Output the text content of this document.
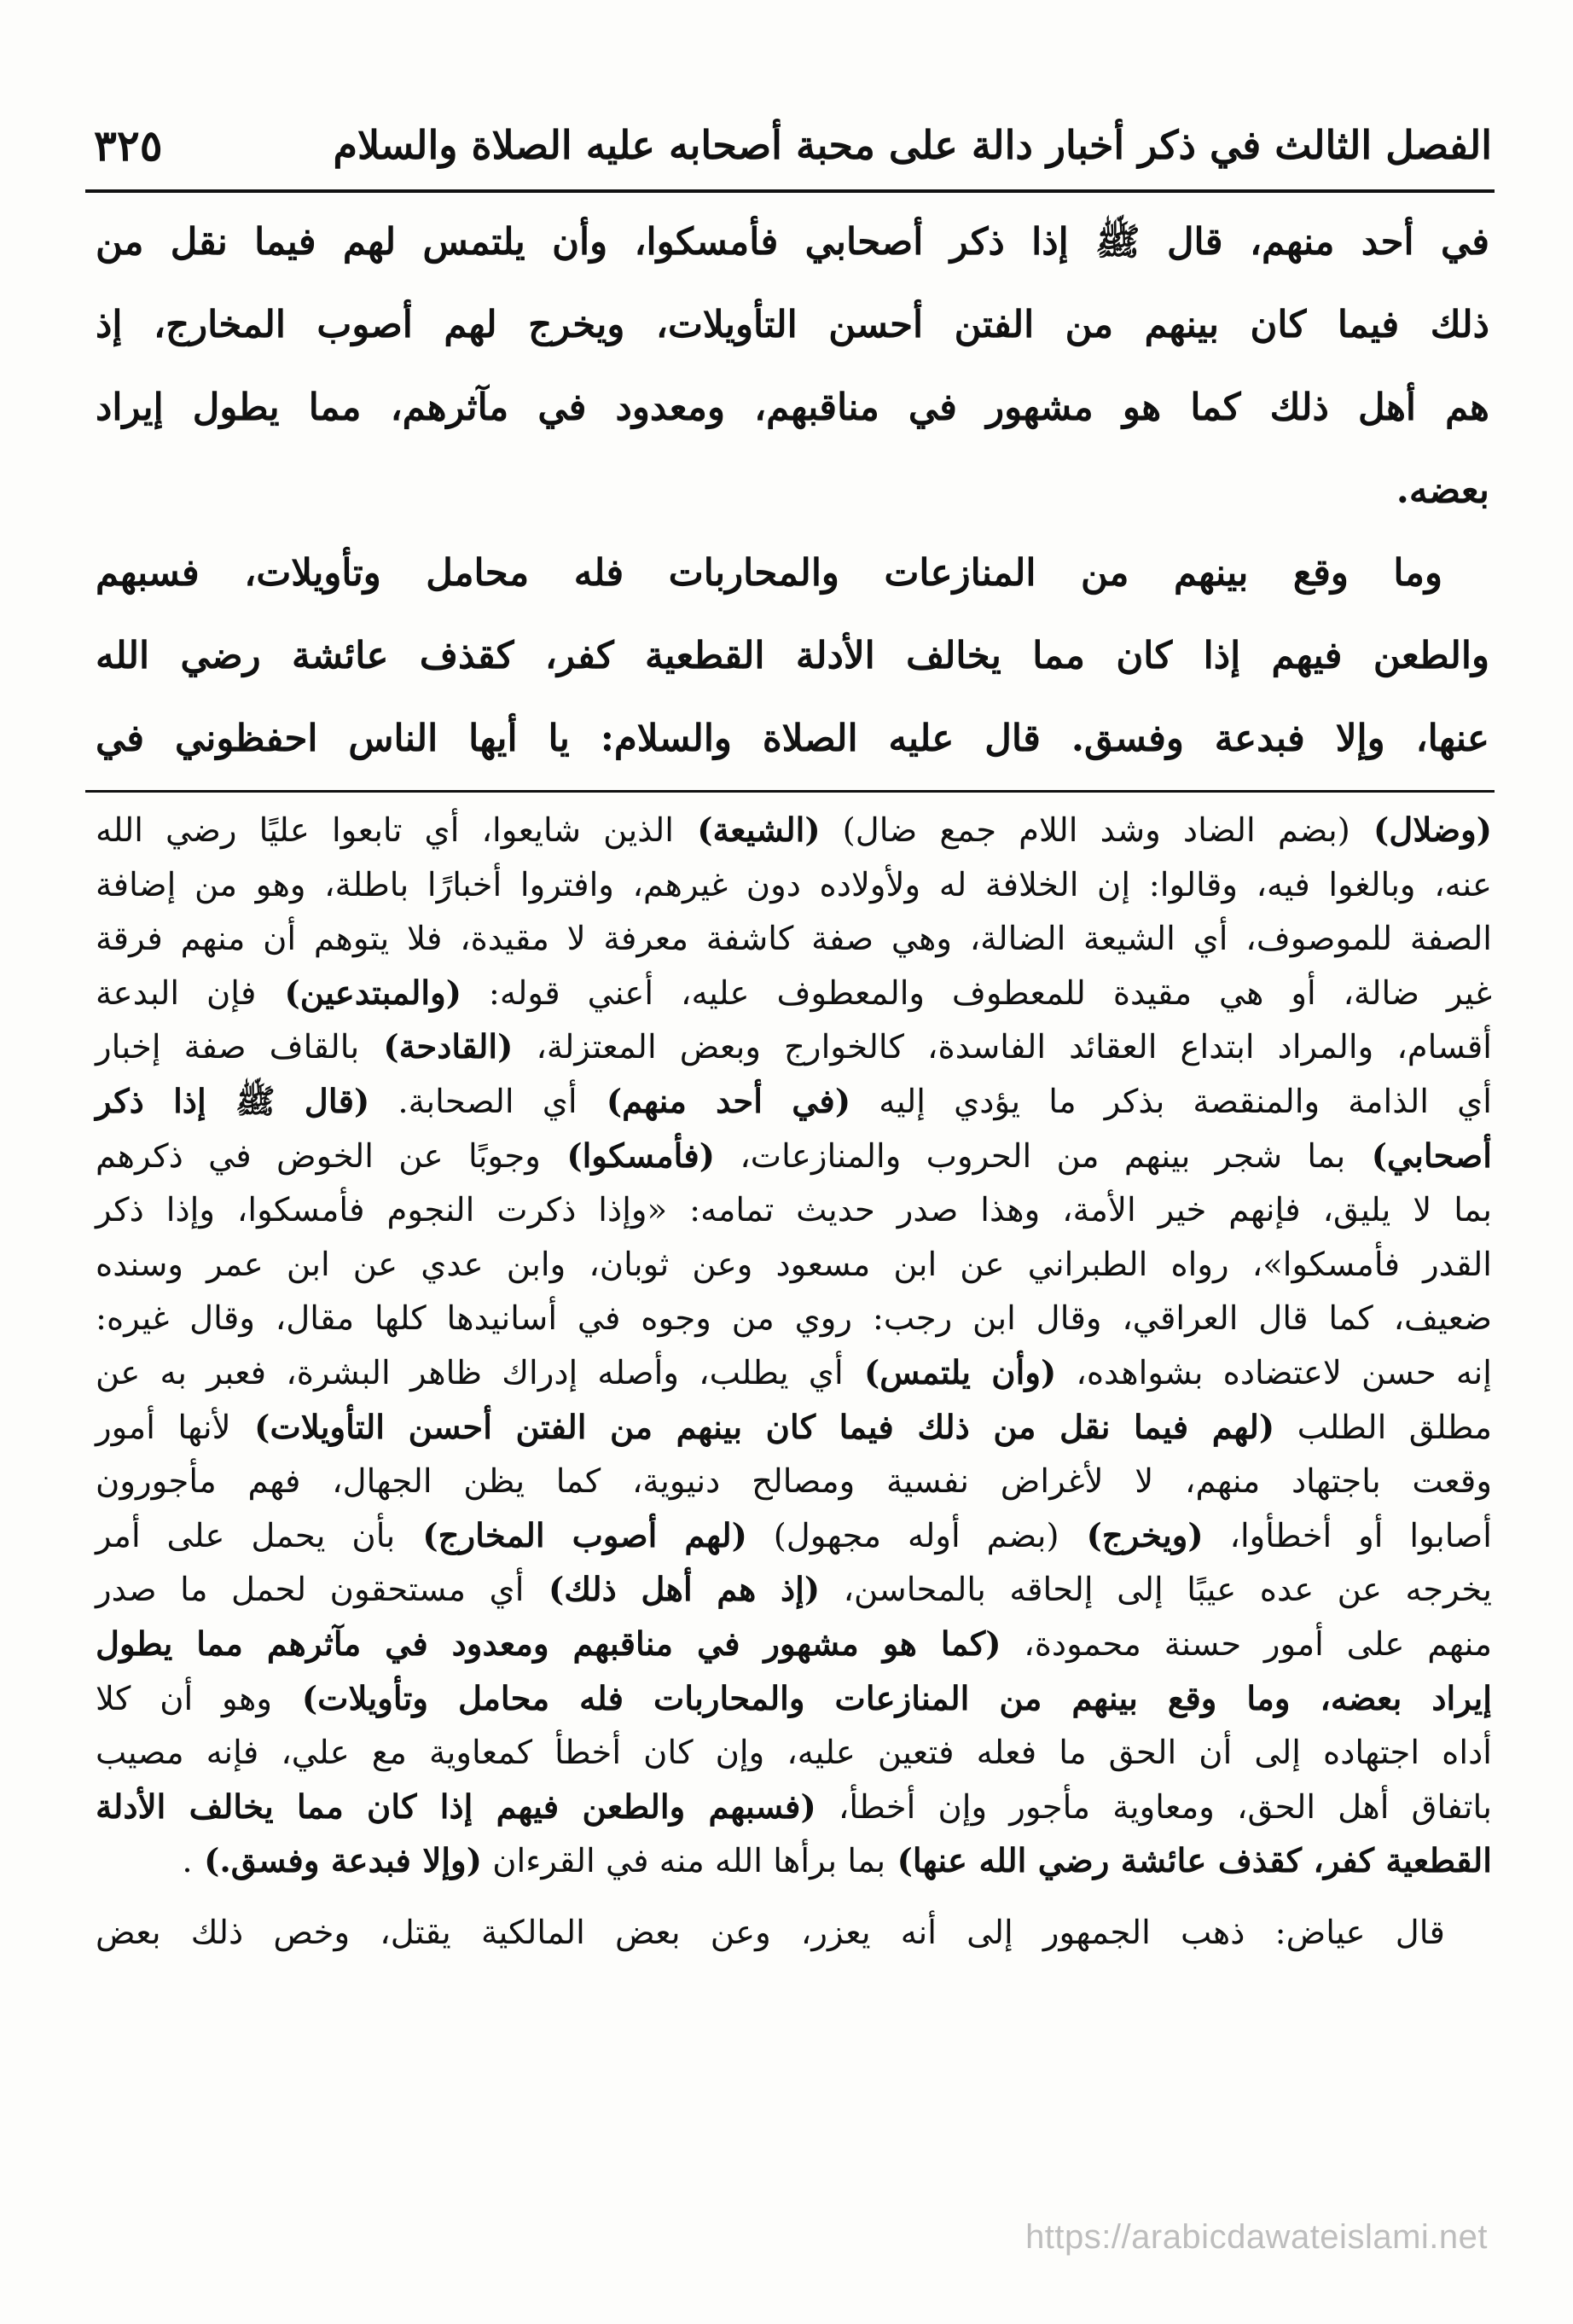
الفصل الثالث في ذكر أخبار دالة على محبة أصحابه عليه الصلاة والسلام
٣٢٥
في أحد منهم، قال ﷺ إذا ذكر أصحابي فأمسكوا، وأن يلتمس لهم فيما نقل من
ذلك فيما كان بينهم من الفتن أحسن التأويلات، ويخرج لهم أصوب المخارج، إذ
هم أهل ذلك كما هو مشهور في مناقبهم، ومعدود في مآثرهم، مما يطول إيراد
بعضه.
وما وقع بينهم من المنازعات والمحاربات فله محامل وتأويلات، فسبهم
والطعن فيهم إذا كان مما يخالف الأدلة القطعية كفر، كقذف عائشة رضي الله
عنها، وإلا فبدعة وفسق. قال عليه الصلاة والسلام: يا أيها الناس احفظوني في
(وضلال) (بضم الضاد وشد اللام جمع ضال) (الشيعة) الذين شايعوا، أي تابعوا عليًا رضي الله
عنه، وبالغوا فيه، وقالوا: إن الخلافة له ولأولاده دون غيرهم، وافتروا أخبارًا باطلة، وهو من إضافة
الصفة للموصوف، أي الشيعة الضالة، وهي صفة كاشفة معرفة لا مقيدة، فلا يتوهم أن منهم فرقة
غير ضالة، أو هي مقيدة للمعطوف والمعطوف عليه، أعني قوله: (والمبتدعين) فإن البدعة
أقسام، والمراد ابتداع العقائد الفاسدة، كالخوارج وبعض المعتزلة، (القادحة) بالقاف صفة إخبار
أي الذامة والمنقصة بذكر ما يؤدي إليه (في أحد منهم) أي الصحابة. (قال ﷺ إذا ذكر
أصحابي) بما شجر بينهم من الحروب والمنازعات، (فأمسكوا) وجوبًا عن الخوض في ذكرهم
بما لا يليق، فإنهم خير الأمة، وهذا صدر حديث تمامه: «وإذا ذكرت النجوم فأمسكوا، وإذا ذكر
القدر فأمسكوا»، رواه الطبراني عن ابن مسعود وعن ثوبان، وابن عدي عن ابن عمر وسنده
ضعيف، كما قال العراقي، وقال ابن رجب: روي من وجوه في أسانيدها كلها مقال، وقال غيره:
إنه حسن لاعتضاده بشواهده، (وأن يلتمس) أي يطلب، وأصله إدراك ظاهر البشرة، فعبر به عن
مطلق الطلب (لهم فيما نقل من ذلك فيما كان بينهم من الفتن أحسن التأويلات) لأنها أمور
وقعت باجتهاد منهم، لا لأغراض نفسية ومصالح دنيوية، كما يظن الجهال، فهم مأجورون
أصابوا أو أخطأوا، (ويخرج) (بضم أوله مجهول) (لهم أصوب المخارج) بأن يحمل على أمر
يخرجه عن عده عيبًا إلى إلحاقه بالمحاسن، (إذ هم أهل ذلك) أي مستحقون لحمل ما صدر
منهم على أمور حسنة محمودة، (كما هو مشهور في مناقبهم ومعدود في مآثرهم مما يطول
إيراد بعضه، وما وقع بينهم من المنازعات والمحاربات فله محامل وتأويلات) وهو أن كلا
أداه اجتهاده إلى أن الحق ما فعله فتعين عليه، وإن كان أخطأ كمعاوية مع علي، فإنه مصيب
باتفاق أهل الحق، ومعاوية مأجور وإن أخطأ، (فسبهم والطعن فيهم إذا كان مما يخالف الأدلة
القطعية كفر، كقذف عائشة رضي الله عنها) بما برأها الله منه في القرءان (وإلا فبدعة وفسق.) .
قال عياض: ذهب الجمهور إلى أنه يعزر، وعن بعض المالكية يقتل، وخص ذلك بعض
https://arabicdawateislami.net
